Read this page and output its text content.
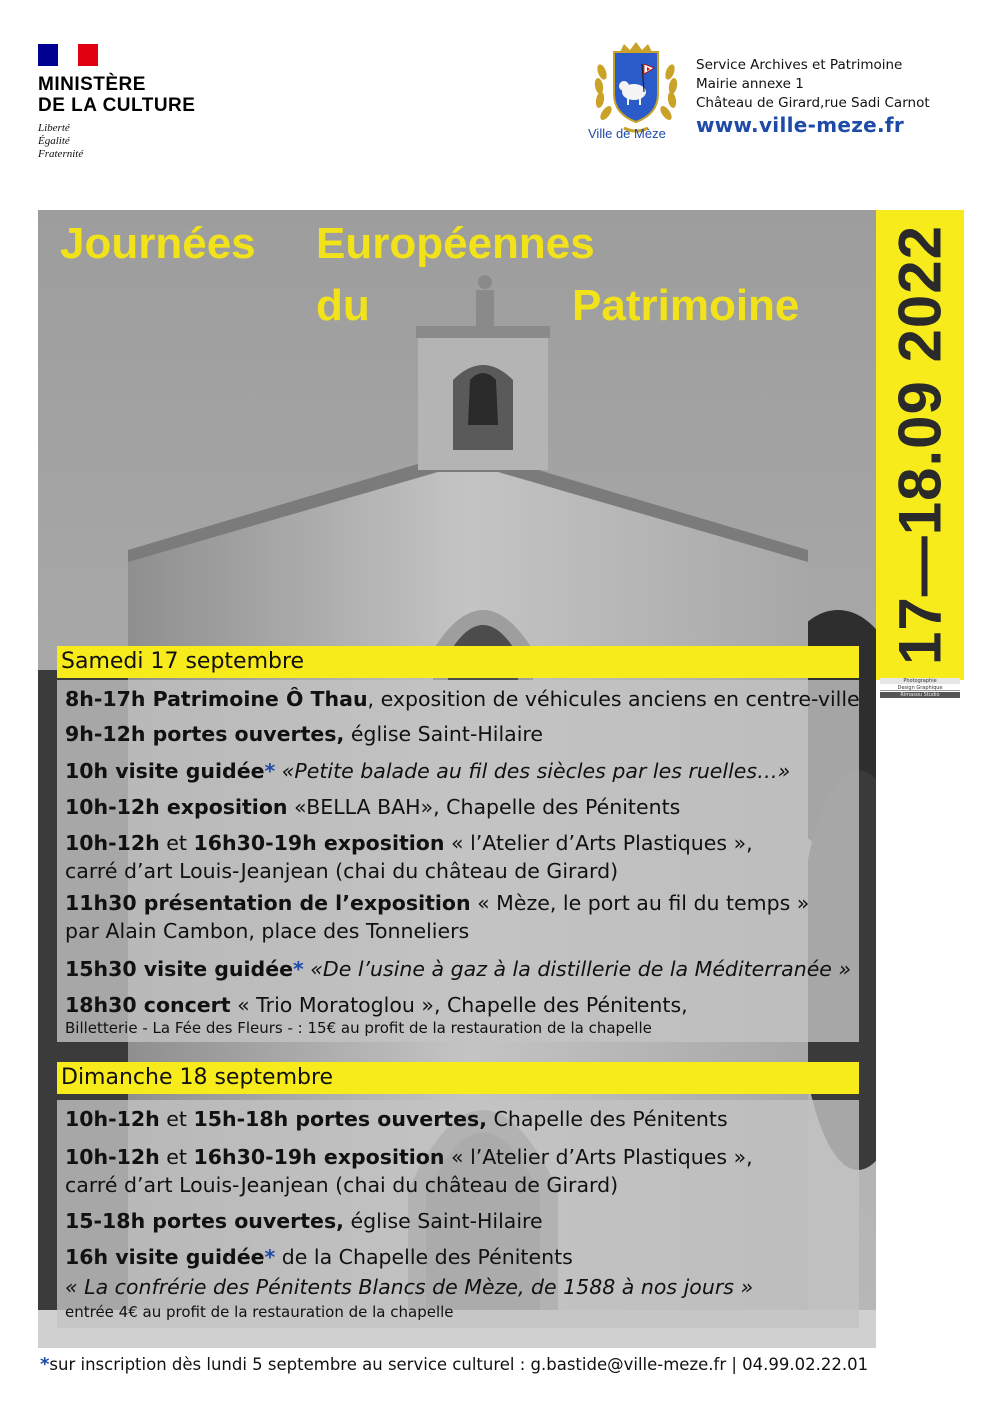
MINISTÈRE
DE LA CULTURE
Liberté
Égalité
Fraternité
Ville de Mèze
Service Archives et Patrimoine
Mairie annexe 1
Château de Girard,rue Sadi Carnot
www.ville-meze.fr
Journées Européennes
du	Patrimoine 17—18.09 2022
Photographie
Design Graphique
Rimasou Studio
Samedi 17 septembre
8h-17h Patrimoine Ô Thau, exposition de véhicules anciens en centre-ville
9h-12h portes ouvertes, église Saint-Hilaire
10h visite guidée* «Petite balade au fil des siècles par les ruelles…»
10h-12h exposition «BELLA BAH», Chapelle des Pénitents
10h-12h et 16h30-19h exposition « l’Atelier d’Arts Plastiques »,
carré d’art Louis-Jeanjean (chai du château de Girard)
11h30 présentation de l’exposition « Mèze, le port au fil du temps »
par Alain Cambon, place des Tonneliers
15h30 visite guidée* «De l’usine à gaz à la distillerie de la Méditerranée »
18h30 concert « Trio Moratoglou », Chapelle des Pénitents,
Billetterie - La Fée des Fleurs - : 15€ au profit de la restauration de la chapelle
Dimanche 18 septembre
10h-12h et 15h-18h portes ouvertes, Chapelle des Pénitents
10h-12h et 16h30-19h exposition « l’Atelier d’Arts Plastiques »,
carré d’art Louis-Jeanjean (chai du château de Girard)
15-18h portes ouvertes, église Saint-Hilaire
16h visite guidée* de la Chapelle des Pénitents
« La confrérie des Pénitents Blancs de Mèze, de 1588 à nos jours »
entrée 4€ au profit de la restauration de la chapelle
*sur inscription dès lundi 5 septembre au service culturel : g.bastide@ville-meze.fr | 04.99.02.22.01
